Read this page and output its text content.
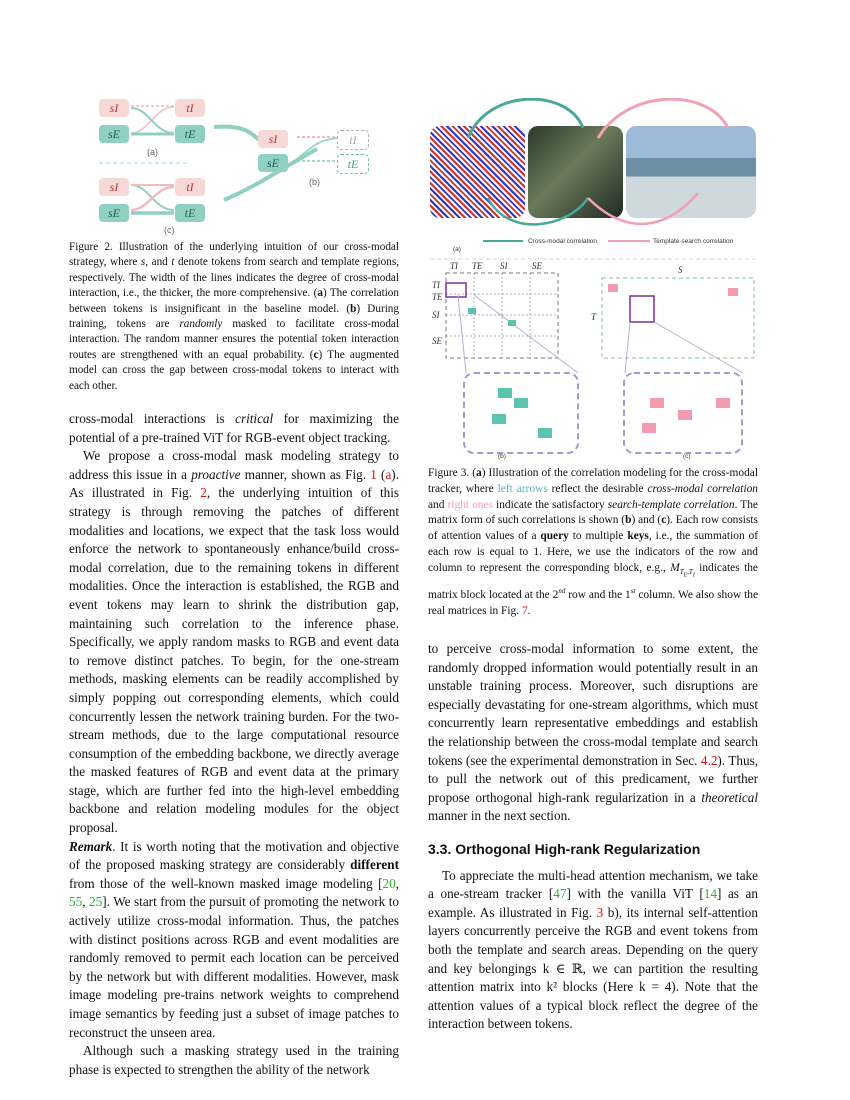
sI	tI
sE	tE
(a)
sI	tI
sE	tE
(b)
sI	tI
sE	tE
(c)
Figure 2. Illustration of the underlying intuition of our cross-modal strategy, where s, and t denote tokens from search and template regions, respectively. The width of the lines indicates the degree of cross-modal interaction, i.e., the thicker, the more comprehensive. (a) The correlation between tokens is insignificant in the baseline model. (b) During training, tokens are randomly masked to facilitate cross-modal interaction. The random manner ensures the potential token interaction routes are strengthened with an equal probability. (c) The augmented model can cross the gap between cross-modal tokens to interact with each other.

cross-modal interactions is critical for maximizing the potential of a pre-trained ViT for RGB-event object tracking.

We propose a cross-modal mask modeling strategy to address this issue in a proactive manner, shown as Fig. 1 (a). As illustrated in Fig. 2, the underlying intuition of this strategy is through removing the patches of different modalities and locations, we expect that the task loss would enforce the network to spontaneously enhance/build cross-modal correlation, due to the remaining tokens in different modalities. Once the interaction is established, the RGB and event tokens may learn to shrink the distribution gap, maintaining such correlation to the inference phase. Specifically, we apply random masks to RGB and event data to remove distinct patches. To begin, for the one-stream methods, masking elements can be readily accomplished by simply popping out corresponding elements, which could concurrently lessen the network training burden. For the two-stream methods, due to the large computational resource consumption of the embedding backbone, we directly average the masked features of RGB and event data at the primary stage, which are further fed into the high-level embedding backbone and relation modeling modules for the object proposal.

Remark. It is worth noting that the motivation and objective of the proposed masking strategy are considerably different from those of the well-known masked image modeling [20, 55, 25]. We start from the pursuit of promoting the network to actively utilize cross-modal information. Thus, the patches with distinct positions across RGB and event modalities are randomly removed to permit each location can be perceived by the network but with different modalities. However, mask image modeling pre-trains network weights to comprehend image semantics by feeding just a subset of image patches to reconstruct the unseen area.

Although such a masking strategy used in the training phase is expected to strengthen the ability of the network

Cross-modal correlation	Template-search correlation
(a)
(b)	(c)
TI TE SI	SE
TI
TE
SI
SE
S
T
Figure 3. (a) Illustration of the correlation modeling for the cross-modal tracker, where left arrows reflect the desirable cross-modal correlation and right ones indicate the satisfactory search-template correlation. The matrix form of such correlations is shown (b) and (c). Each row consists of attention values of a query to multiple keys, i.e., the summation of each row is equal to 1. Here, we use the indicators of the row and column to represent the corresponding block, e.g., $M_{T_E,T_I}$ indicates the matrix block located at the 2nd row and the 1st column. We also show the real matrices in Fig. 7.

to perceive cross-modal information to some extent, the randomly dropped information would potentially result in an unstable training process. Moreover, such disruptions are especially devastating for one-stream algorithms, which must concurrently learn representative embeddings and establish the relationship between the cross-modal template and search tokens (see the experimental demonstration in Sec. 4.2). Thus, to pull the network out of this predicament, we further propose orthogonal high-rank regularization in a theoretical manner in the next section.

3.3. Orthogonal High-rank Regularization

To appreciate the multi-head attention mechanism, we take a one-stream tracker [47] with the vanilla ViT [14] as an example. As illustrated in Fig. 3 b), its internal self-attention layers concurrently perceive the RGB and event tokens from both the template and search areas. Depending on the query and key belongings k ∈ ℝ, we can partition the resulting attention matrix into k² blocks (Here k = 4). Note that the attention values of a typical block reflect the degree of the interaction between tokens.
